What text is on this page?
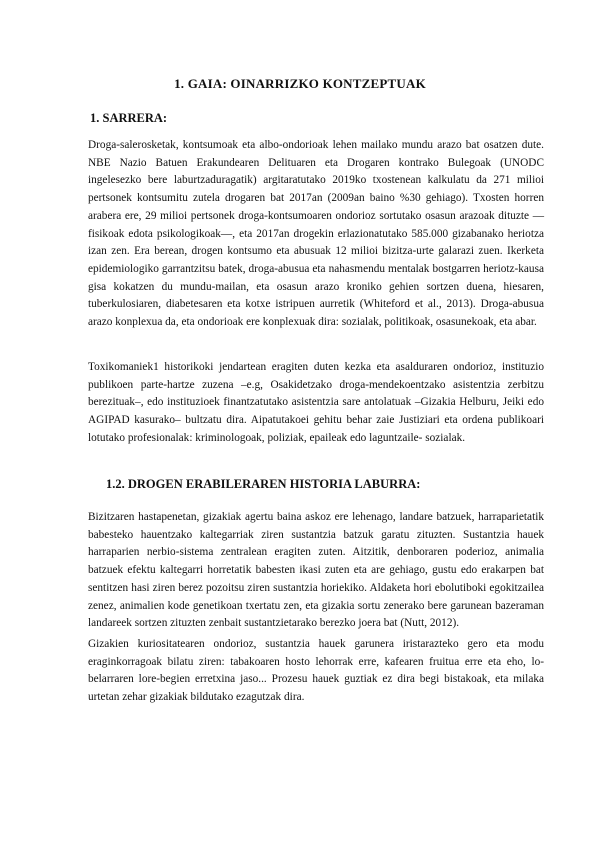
1. GAIA: OINARRIZKO KONTZEPTUAK
1. SARRERA:

Droga-salerosketak, kontsumoak eta albo-ondorioak lehen mailako mundu arazo bat osatzen dute. NBE Nazio Batuen Erakundearen Delituaren eta Drogaren kontrako Bulegoak (UNODC ingelesezko bere laburtzaduragatik) argitaratutako 2019ko txostenean kalkulatu da 271 milioi pertsonek kontsumitu zutela drogaren bat 2017an (2009an baino %30 gehiago). Txosten horren arabera ere, 29 milioi pertsonek droga-kontsumoaren ondorioz sortutako osasun arazoak dituzte —fisikoak edota psikologikoak—, eta 2017an drogekin erlazionatutako 585.000 gizabanako heriotza izan zen. Era berean, drogen kontsumo eta abusuak 12 milioi bizitza-urte galarazi zuen. Ikerketa epidemiologiko garrantzitsu batek, droga-abusua eta nahasmendu mentalak bostgarren heriotz-kausa gisa kokatzen du mundu-mailan, eta osasun arazo kroniko gehien sortzen duena, hiesaren, tuberkulosiaren, diabetesaren eta kotxe istripuen aurretik (Whiteford et al., 2013). Droga-abusua arazo konplexua da, eta ondorioak ere konplexuak dira: sozialak, politikoak, osasunekoak, eta abar.

Toxikomaniek1 historikoki jendartean eragiten duten kezka eta asalduraren ondorioz, instituzio publikoen parte-hartze zuzena –e.g, Osakidetzako droga-mendekoentzako asistentzia zerbitzu berezituak–, edo instituzioek finantzatutako asistentzia sare antolatuak –Gizakia Helburu, Jeiki edo AGIPAD kasurako– bultzatu dira. Aipatutakoei gehitu behar zaie Justiziari eta ordena publikoari lotutako profesionalak: kriminologoak, poliziak, epaileak edo laguntzaile- sozialak.

1.2. DROGEN ERABILERAREN HISTORIA LABURRA:

Bizitzaren hastapenetan, gizakiak agertu baina askoz ere lehenago, landare batzuek, harraparietatik babesteko hauentzako kaltegarriak ziren sustantzia batzuk garatu zituzten. Sustantzia hauek harraparien nerbio-sistema zentralean eragiten zuten. Aitzitik, denboraren poderioz, animalia batzuek efektu kaltegarri horretatik babesten ikasi zuten eta are gehiago, gustu edo erakarpen bat sentitzen hasi ziren berez pozoitsu ziren sustantzia horiekiko. Aldaketa hori ebolutiboki egokitzailea zenez, animalien kode genetikoan txertatu zen, eta gizakia sortu zenerako bere garunean bazeraman landareek sortzen zituzten zenbait sustantzietarako berezko joera bat (Nutt, 2012).

Gizakien kuriositatearen ondorioz, sustantzia hauek garunera iristarazteko gero eta modu eraginkorragoak bilatu ziren: tabakoaren hosto lehorrak erre, kafearen fruitua erre eta eho, lo-belarraren lore-begien erretxina jaso... Prozesu hauek guztiak ez dira begi bistakoak, eta milaka urtetan zehar gizakiak bildutako ezagutzak dira.
